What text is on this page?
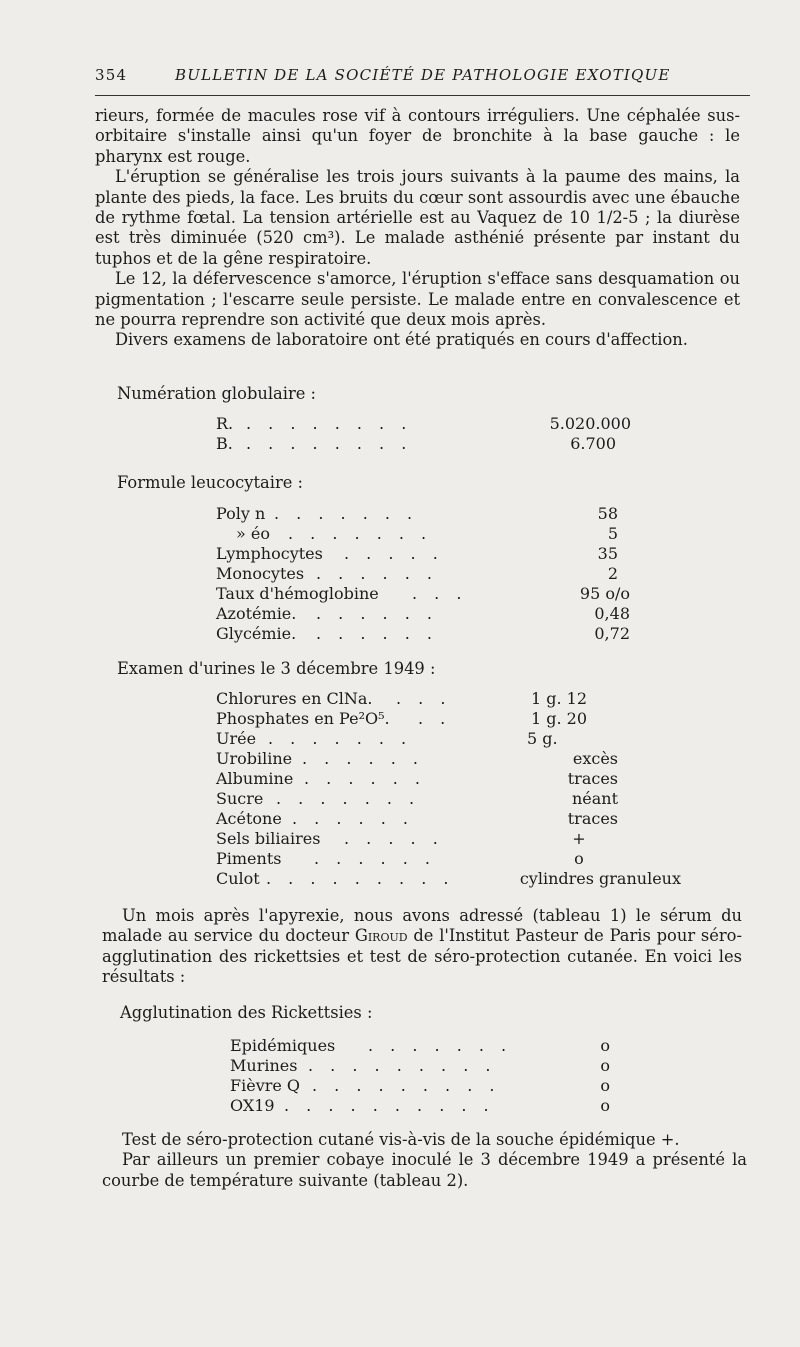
354	BULLETIN DE LA SOCIÉTÉ DE PATHOLOGIE EXOTIQUE

rieurs, formée de macules rose vif à contours irréguliers. Une céphalée sus-orbitaire s'installe ainsi qu'un foyer de bronchite à la base gauche : le pharynx est rouge.

L'éruption se généralise les trois jours suivants à la paume des mains, la plante des pieds, la face. Les bruits du cœur sont assourdis avec une ébauche de rythme fœtal. La tension artérielle est au Vaquez de 10 1/2-5 ; la diurèse est très diminuée (520 cm³). Le malade asthénié présente par instant du tuphos et de la gêne respiratoire.

Le 12, la défervescence s'amorce, l'éruption s'efface sans desquamation ou pigmentation ; l'escarre seule persiste. Le malade entre en convalescence et ne pourra reprendre son activité que deux mois après.

Divers examens de laboratoire ont été pratiqués en cours d'affection.

Numération globulaire :
R. . . . . . . . .	5.020.000
B. . . . . . . . .	6.700
Formule leucocytaire :
Poly n . . . . . . .	58
» éo . . . . . . .	5
Lymphocytes . . . . .	35
Monocytes . . . . . .	2
Taux d'hémoglobine . . .	95 o/o
Azotémie. . . . . . .	0,48
Glycémie. . . . . . .	0,72
Examen d'urines le 3 décembre 1949 :
Chlorures en ClNa. . . .	1 g. 12
Phosphates en Pe²O⁵. . .	1 g. 20
Urée . . . . . . .	5 g.
Urobiline . . . . . .	excès
Albumine . . . . . .	traces
Sucre . . . . . . .	néant
Acétone . . . . . .	traces
Sels biliaires . . . . .	+
Piments . . . . . .	o
Culot . . . . . . . . .	cylindres granuleux

Un mois après l'apyrexie, nous avons adressé (tableau 1) le sérum du malade au service du docteur Giroud de l'Institut Pasteur de Paris pour séro-agglutination des rickettsies et test de séro-protection cutanée. En voici les résultats :

Agglutination des Rickettsies :
Epidémiques . . . . . . .	o
Murines . . . . . . . . .	o
Fièvre Q . . . . . . . . .	o
OX19 . . . . . . . . . .	o

Test de séro-protection cutané vis-à-vis de la souche épidémique +.

Par ailleurs un premier cobaye inoculé le 3 décembre 1949 a présenté la courbe de température suivante (tableau 2).
